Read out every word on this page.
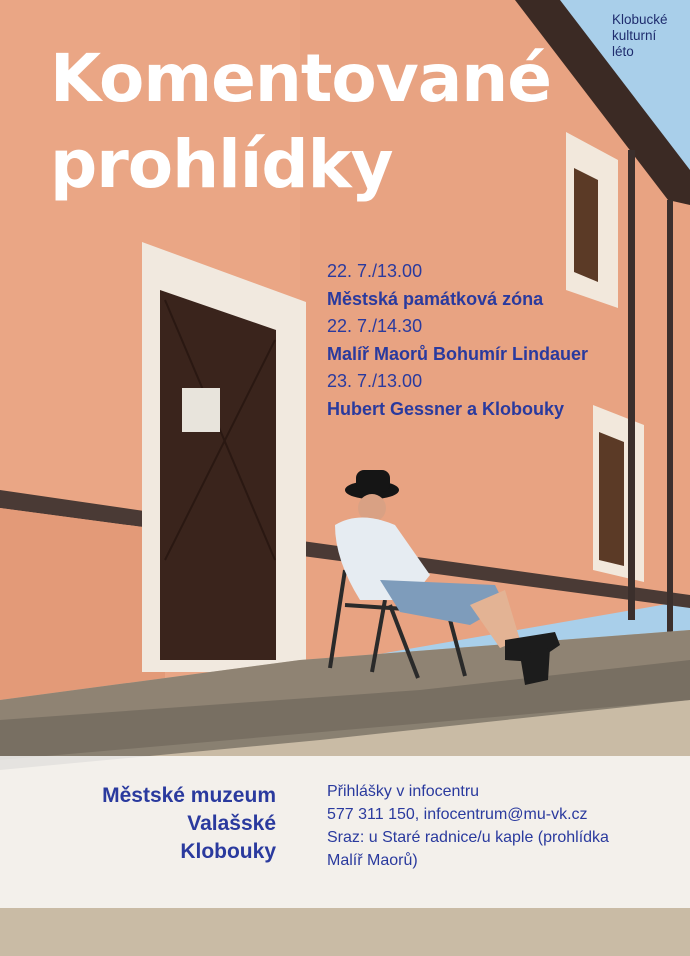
Klobucké
kulturní
léto
Komentované
prohlídky
22. 7./13.00
Městská památková zóna
22. 7./14.30
Malíř Maorů Bohumír Lindauer
23. 7./13.00
Hubert Gessner a Klobouky
Městské muzeum
Valašské
Klobouky
Přihlášky v infocentru
577 311 150, infocentrum@mu-vk.cz
Sraz: u Staré radnice/u kaple (prohlídka
Malíř Maorů)
